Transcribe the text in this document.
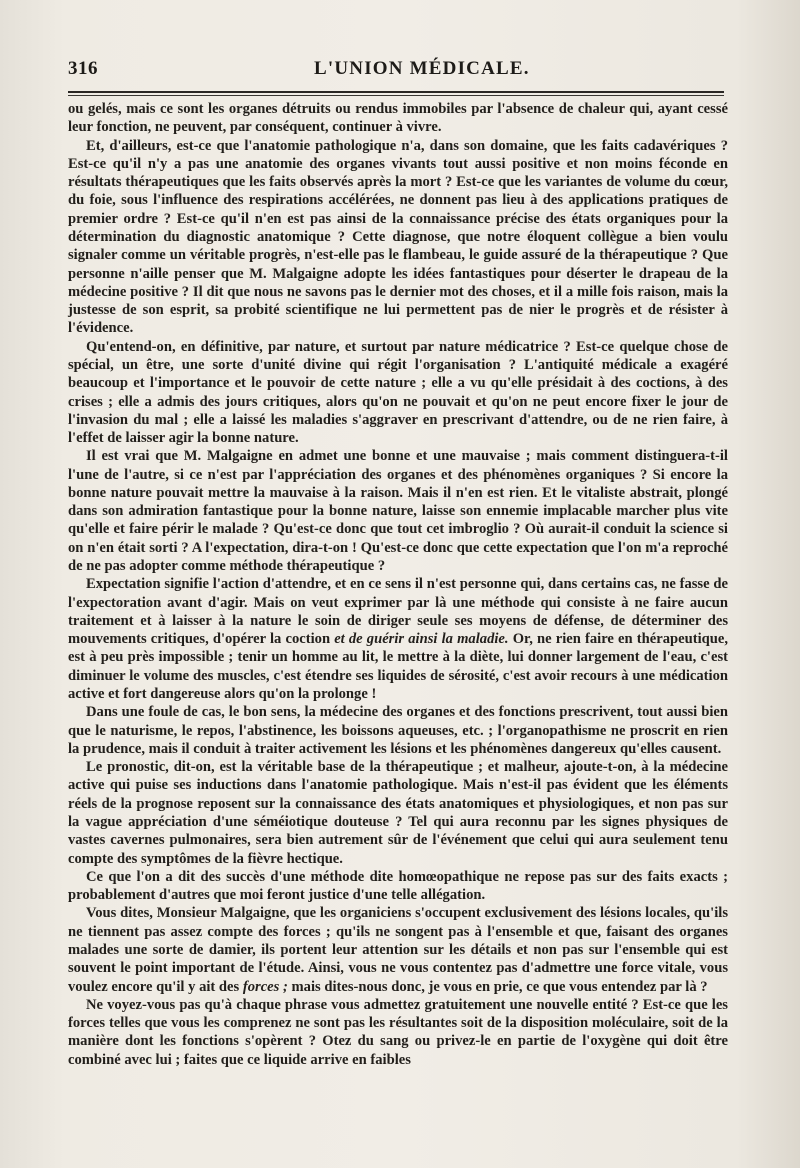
316	L'UNION MÉDICALE.

ou gelés, mais ce sont les organes détruits ou rendus immobiles par l'absence de chaleur qui, ayant cessé leur fonction, ne peuvent, par conséquent, continuer à vivre.

Et, d'ailleurs, est-ce que l'anatomie pathologique n'a, dans son domaine, que les faits cadavériques ? Est-ce qu'il n'y a pas une anatomie des organes vivants tout aussi positive et non moins féconde en résultats thérapeutiques que les faits observés après la mort ? Est-ce que les variantes de volume du cœur, du foie, sous l'influence des respirations accélérées, ne donnent pas lieu à des applications pratiques de premier ordre ? Est-ce qu'il n'en est pas ainsi de la connaissance précise des états organiques pour la détermination du diagnostic anatomique ? Cette diagnose, que notre éloquent collègue a bien voulu signaler comme un véritable progrès, n'est-elle pas le flambeau, le guide assuré de la thérapeutique ? Que personne n'aille penser que M. Malgaigne adopte les idées fantastiques pour déserter le drapeau de la médecine positive ? Il dit que nous ne savons pas le dernier mot des choses, et il a mille fois raison, mais la justesse de son esprit, sa probité scientifique ne lui permettent pas de nier le progrès et de résister à l'évidence.

Qu'entend-on, en définitive, par nature, et surtout par nature médicatrice ? Est-ce quelque chose de spécial, un être, une sorte d'unité divine qui régit l'organisation ? L'antiquité médicale a exagéré beaucoup et l'importance et le pouvoir de cette nature ; elle a vu qu'elle présidait à des coctions, à des crises ; elle a admis des jours critiques, alors qu'on ne pouvait et qu'on ne peut encore fixer le jour de l'invasion du mal ; elle a laissé les maladies s'aggraver en prescrivant d'attendre, ou de ne rien faire, à l'effet de laisser agir la bonne nature.

Il est vrai que M. Malgaigne en admet une bonne et une mauvaise ; mais comment distinguera-t-il l'une de l'autre, si ce n'est par l'appréciation des organes et des phénomènes organiques ? Si encore la bonne nature pouvait mettre la mauvaise à la raison. Mais il n'en est rien. Et le vitaliste abstrait, plongé dans son admiration fantastique pour la bonne nature, laisse son ennemie implacable marcher plus vite qu'elle et faire périr le malade ? Qu'est-ce donc que tout cet imbroglio ? Où aurait-il conduit la science si on n'en était sorti ? A l'expectation, dira-t-on ! Qu'est-ce donc que cette expectation que l'on m'a reproché de ne pas adopter comme méthode thérapeutique ?

Expectation signifie l'action d'attendre, et en ce sens il n'est personne qui, dans certains cas, ne fasse de l'expectoration avant d'agir. Mais on veut exprimer par là une méthode qui consiste à ne faire aucun traitement et à laisser à la nature le soin de diriger seule ses moyens de défense, de déterminer des mouvements critiques, d'opérer la coction et de guérir ainsi la maladie. Or, ne rien faire en thérapeutique, est à peu près impossible ; tenir un homme au lit, le mettre à la diète, lui donner largement de l'eau, c'est diminuer le volume des muscles, c'est étendre ses liquides de sérosité, c'est avoir recours à une médication active et fort dangereuse alors qu'on la prolonge !

Dans une foule de cas, le bon sens, la médecine des organes et des fonctions prescrivent, tout aussi bien que le naturisme, le repos, l'abstinence, les boissons aqueuses, etc. ; l'organopathisme ne proscrit en rien la prudence, mais il conduit à traiter activement les lésions et les phénomènes dangereux qu'elles causent.

Le pronostic, dit-on, est la véritable base de la thérapeutique ; et malheur, ajoute-t-on, à la médecine active qui puise ses inductions dans l'anatomie pathologique. Mais n'est-il pas évident que les éléments réels de la prognose reposent sur la connaissance des états anatomiques et physiologiques, et non pas sur la vague appréciation d'une séméiotique douteuse ? Tel qui aura reconnu par les signes physiques de vastes cavernes pulmonaires, sera bien autrement sûr de l'événement que celui qui aura seulement tenu compte des symptômes de la fièvre hectique.

Ce que l'on a dit des succès d'une méthode dite homœopathique ne repose pas sur des faits exacts ; probablement d'autres que moi feront justice d'une telle allégation.

Vous dites, Monsieur Malgaigne, que les organiciens s'occupent exclusivement des lésions locales, qu'ils ne tiennent pas assez compte des forces ; qu'ils ne songent pas à l'ensemble et que, faisant des organes malades une sorte de damier, ils portent leur attention sur les détails et non pas sur l'ensemble qui est souvent le point important de l'étude. Ainsi, vous ne vous contentez pas d'admettre une force vitale, vous voulez encore qu'il y ait des forces ; mais dites-nous donc, je vous en prie, ce que vous entendez par là ?

Ne voyez-vous pas qu'à chaque phrase vous admettez gratuitement une nouvelle entité ? Est-ce que les forces telles que vous les comprenez ne sont pas les résultantes soit de la disposition moléculaire, soit de la manière dont les fonctions s'opèrent ? Otez du sang ou privez-le en partie de l'oxygène qui doit être combiné avec lui ; faites que ce liquide arrive en faibles
